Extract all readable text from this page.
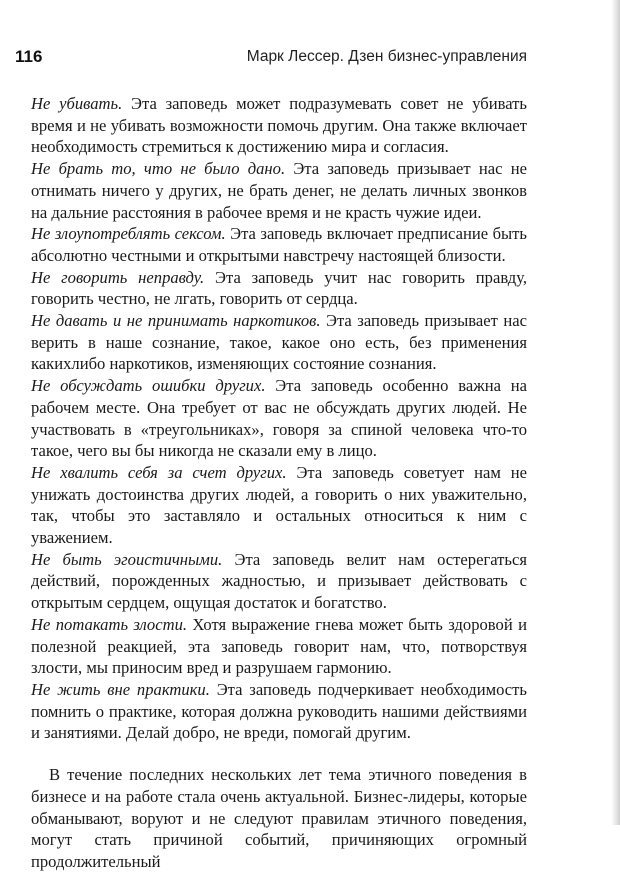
116	Марк Лессер. Дзен бизнес-управления

Не убивать. Эта заповедь может подразумевать совет не убивать время и не убивать возможности помочь другим. Она также включает необходимость стремиться к достижению мира и согласия.

Не брать то, что не было дано. Эта заповедь призывает нас не отнимать ничего у других, не брать денег, не делать личных звонков на дальние расстояния в рабочее время и не красть чужие идеи.

Не злоупотреблять сексом. Эта заповедь включает предписание быть абсолютно честными и открытыми навстречу настоящей близости.

Не говорить неправду. Эта заповедь учит нас говорить правду, говорить честно, не лгать, говорить от сердца.

Не давать и не принимать наркотиков. Эта заповедь призывает нас верить в наше сознание, такое, какое оно есть, без применения какихлибо наркотиков, изменяющих состояние сознания.

Не обсуждать ошибки других. Эта заповедь особенно важна на рабочем месте. Она требует от вас не обсуждать других людей. Не участвовать в «треугольниках», говоря за спиной человека что-то такое, чего вы бы никогда не сказали ему в лицо.

Не хвалить себя за счет других. Эта заповедь советует нам не унижать достоинства других людей, а говорить о них уважительно, так, чтобы это заставляло и остальных относиться к ним с уважением.

Не быть эгоистичными. Эта заповедь велит нам остерегаться действий, порожденных жадностью, и призывает действовать с открытым сердцем, ощущая достаток и богатство.

Не потакать злости. Хотя выражение гнева может быть здоровой и полезной реакцией, эта заповедь говорит нам, что, потворствуя злости, мы приносим вред и разрушаем гармонию.

Не жить вне практики. Эта заповедь подчеркивает необходимость помнить о практике, которая должна руководить нашими действиями и занятиями. Делай добро, не вреди, помогай другим.

В течение последних нескольких лет тема этичного поведения в бизнесе и на работе стала очень актуальной. Бизнес-лидеры, которые обманывают, воруют и не следуют правилам этичного поведения, могут стать причиной событий, причиняющих огромный продолжительный
